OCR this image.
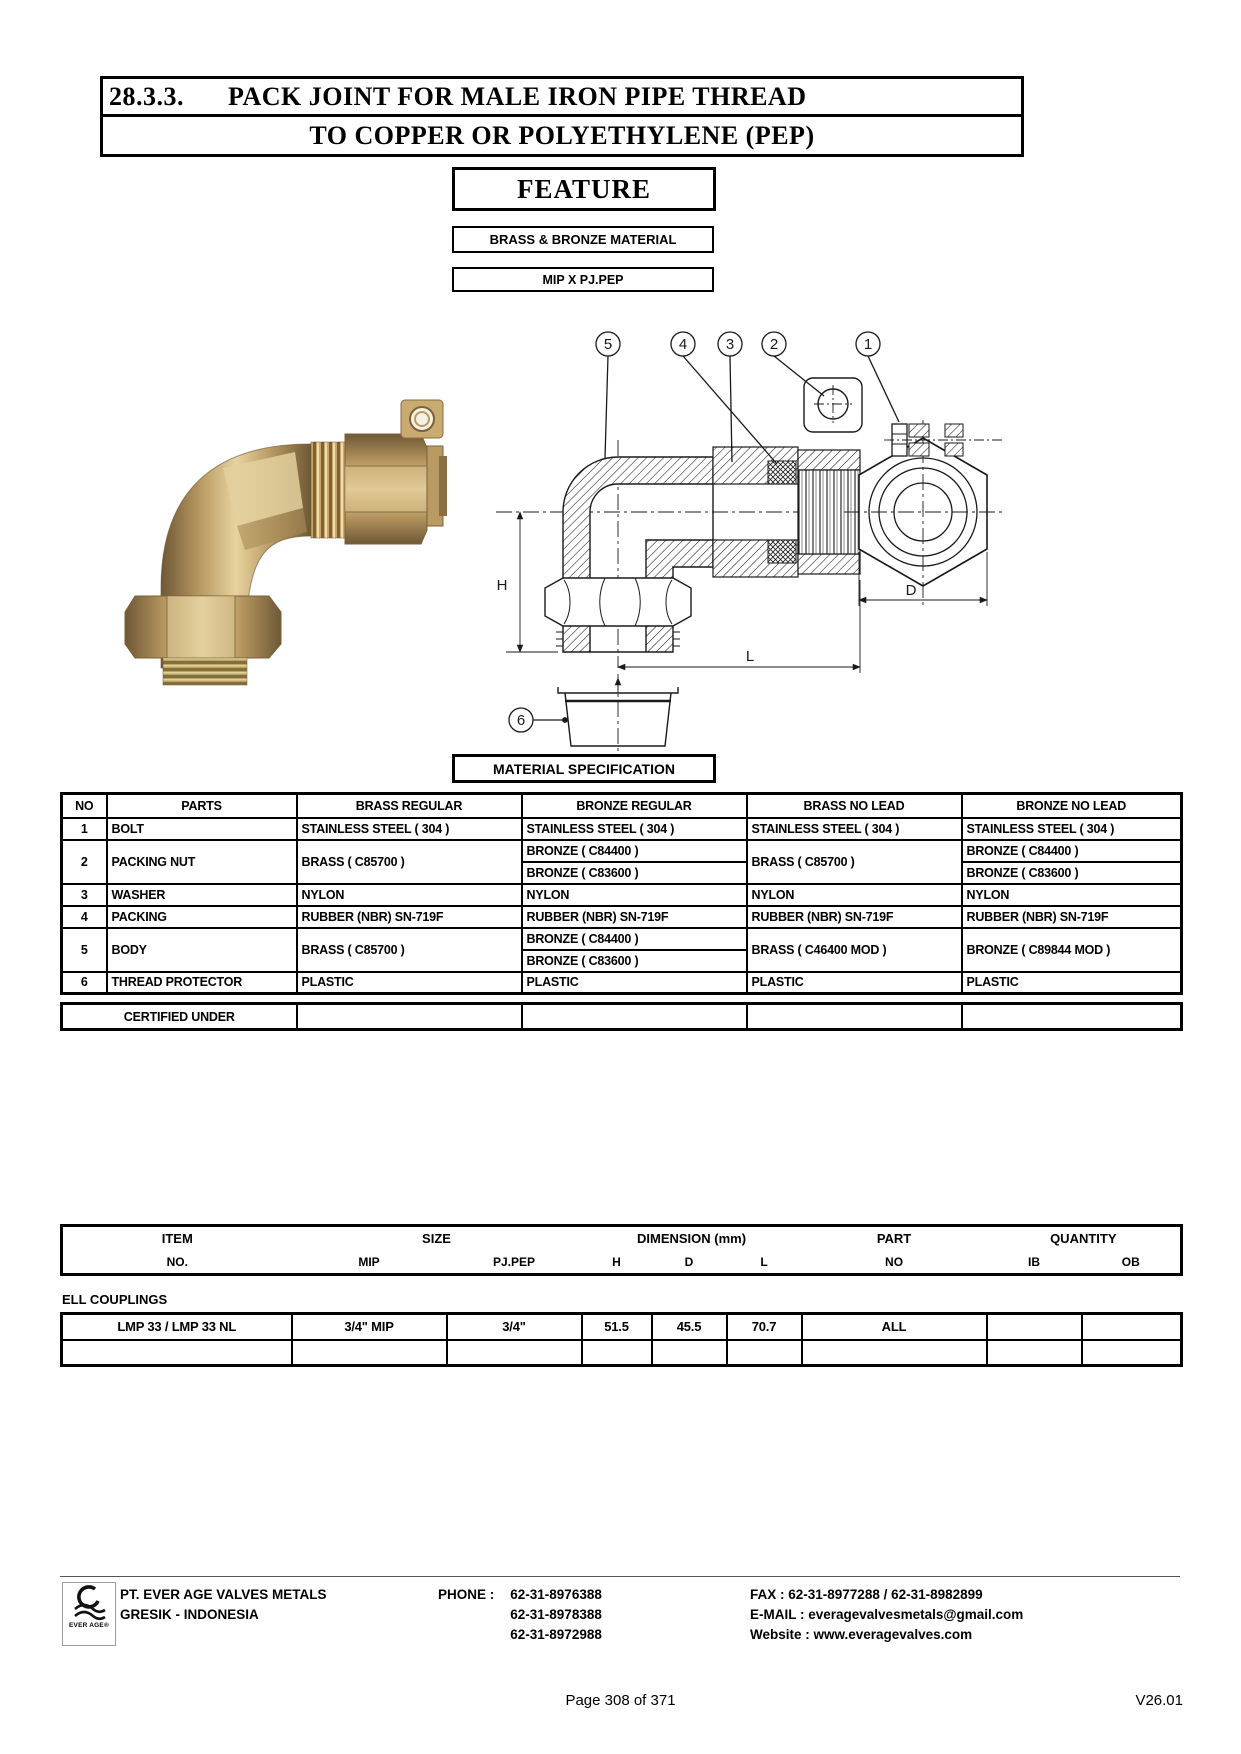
28.3.3. PACK JOINT FOR MALE IRON PIPE THREAD
TO COPPER OR POLYETHYLENE (PEP)
FEATURE
BRASS & BRONZE MATERIAL
MIP X PJ.PEP
5	4	3 2	1
6
H
L
D
MATERIAL SPECIFICATION
NO	PARTS	BRASS REGULAR	BRONZE REGULAR	BRASS NO LEAD	BRONZE NO LEAD
1	BOLT	STAINLESS STEEL ( 304 )	STAINLESS STEEL ( 304 )	STAINLESS STEEL ( 304 )	STAINLESS STEEL ( 304 )
2	PACKING NUT	BRASS ( C85700 )	BRONZE ( C84400 )	BRASS ( C85700 )	BRONZE ( C84400 )
			BRONZE ( C83600 )		BRONZE ( C83600 )
3	WASHER	NYLON	NYLON	NYLON	NYLON
4	PACKING	RUBBER (NBR) SN-719F	RUBBER (NBR) SN-719F	RUBBER (NBR) SN-719F	RUBBER (NBR) SN-719F
5	BODY	BRASS ( C85700 )	BRONZE ( C84400 )	BRASS ( C46400 MOD )	BRONZE ( C89844 MOD )
			BRONZE ( C83600 )		
6	THREAD PROTECTOR	PLASTIC	PLASTIC	PLASTIC	PLASTIC
CERTIFIED UNDER				
ITEM	SIZE		DIMENSION (mm)			PART	QUANTITY	
NO.	MIP	PJ.PEP	H	D	L	NO	IB	OB
ELL COUPLINGS
LMP 33 / LMP 33 NL	3/4" MIP	3/4"	51.5	45.5	70.7	ALL		

EVER AGE®
PT. EVER AGE VALVES METALS
GRESIK - INDONESIA
PHONE : 62-31-8976388
62-31-8978388
62-31-8972988
FAX : 62-31-8977288 / 62-31-8982899
E-MAIL : everagevalvesmetals@gmail.com
Website : www.everagevalves.com
Page 308 of 371	V26.01
